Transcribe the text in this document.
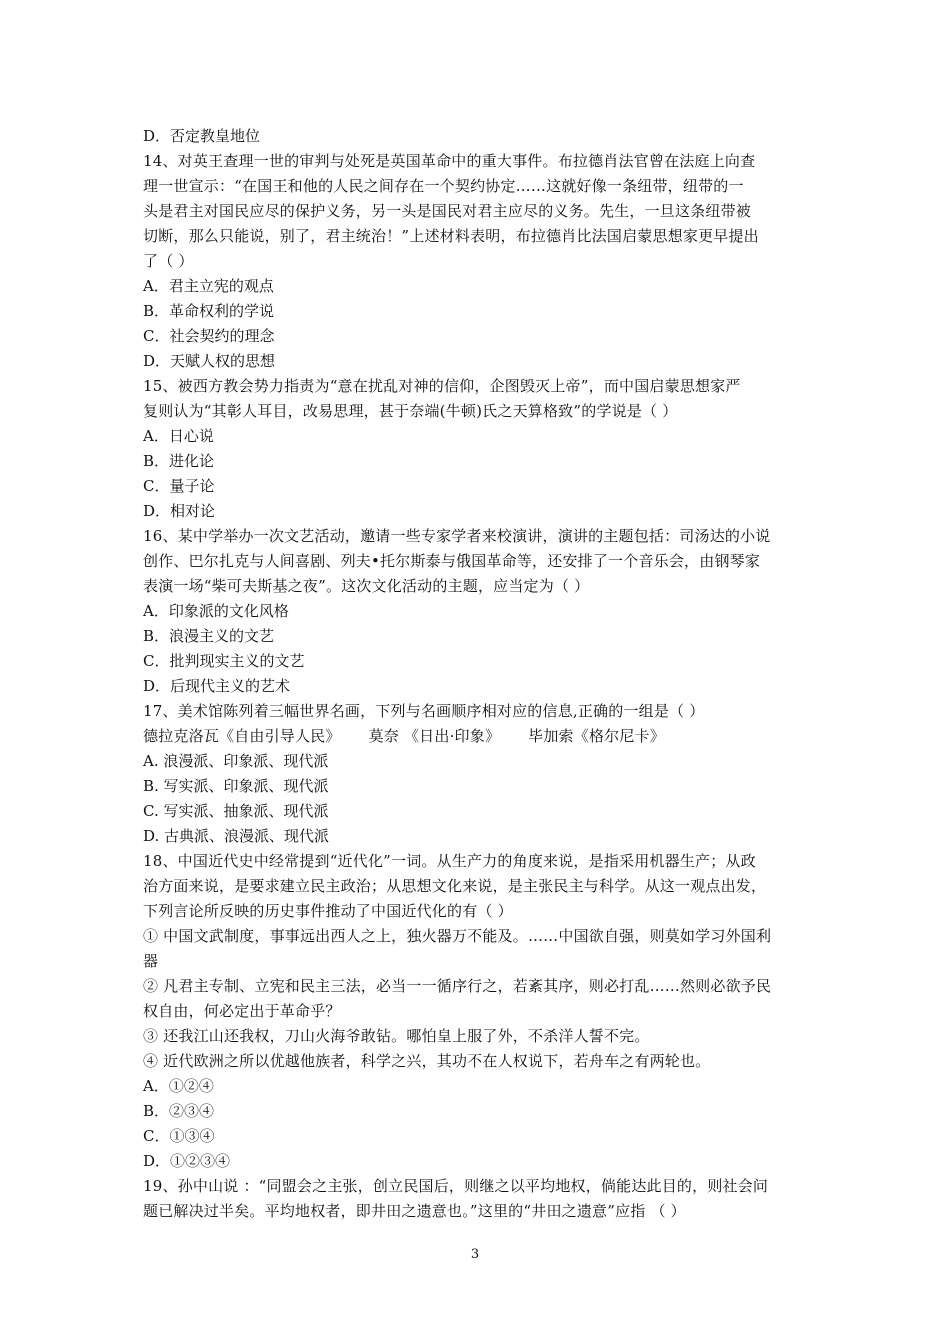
D．否定教皇地位
14、对英王查理一世的审判与处死是英国革命中的重大事件。布拉德肖法官曾在法庭上向查
理一世宣示：“在国王和他的人民之间存在一个契约协定……这就好像一条纽带，纽带的一
头是君主对国民应尽的保护义务，另一头是国民对君主应尽的义务。先生，一旦这条纽带被
切断，那么只能说，别了，君主统治！”上述材料表明，布拉德肖比法国启蒙思想家更早提出
了（ ）
A．君主立宪的观点
B．革命权利的学说
C．社会契约的理念
D．天赋人权的思想
15、被西方教会势力指责为“意在扰乱对神的信仰，企图毁灭上帝”，而中国启蒙思想家严
复则认为“其彰人耳目，改易思理，甚于奈端(牛顿)氏之天算格致”的学说是（ ）
A．日心说
B．进化论
C．量子论
D．相对论
16、某中学举办一次文艺活动，邀请一些专家学者来校演讲，演讲的主题包括：司汤达的小说
创作、巴尔扎克与人间喜剧、列夫•托尔斯泰与俄国革命等，还安排了一个音乐会，由钢琴家
表演一场“柴可夫斯基之夜”。这次文化活动的主题，应当定为（ ）
A．印象派的文化风格
B．浪漫主义的文艺
C．批判现实主义的文艺
D．后现代主义的艺术
17、美术馆陈列着三幅世界名画，下列与名画顺序相对应的信息,正确的一组是（ ）
德拉克洛瓦《自由引导人民》 莫奈 《日出·印象》 毕加索《格尔尼卡》
A. 浪漫派、印象派、现代派
B. 写实派、印象派、现代派
C. 写实派、抽象派、现代派
D. 古典派、浪漫派、现代派
18、中国近代史中经常提到“近代化”一词。从生产力的角度来说，是指采用机器生产；从政
治方面来说，是要求建立民主政治；从思想文化来说，是主张民主与科学。从这一观点出发，
下列言论所反映的历史事件推动了中国近代化的有（ ）
① 中国文武制度，事事远出西人之上，独火器万不能及。……中国欲自强，则莫如学习外国利
器
② 凡君主专制、立宪和民主三法，必当一一循序行之，若紊其序，则必打乱……然则必欲予民
权自由，何必定出于革命乎？
③ 还我江山还我权，刀山火海爷敢钻。哪怕皇上服了外，不杀洋人誓不完。
④ 近代欧洲之所以优越他族者，科学之兴，其功不在人权说下，若舟车之有两轮也。
A．①②④
B．②③④
C．①③④
D．①②③④
19、孙中山说 ：“同盟会之主张，创立民国后，则继之以平均地权，倘能达此目的，则社会问
题已解决过半矣。平均地权者，即井田之遗意也。”这里的“井田之遗意”应指 （ ）
3
